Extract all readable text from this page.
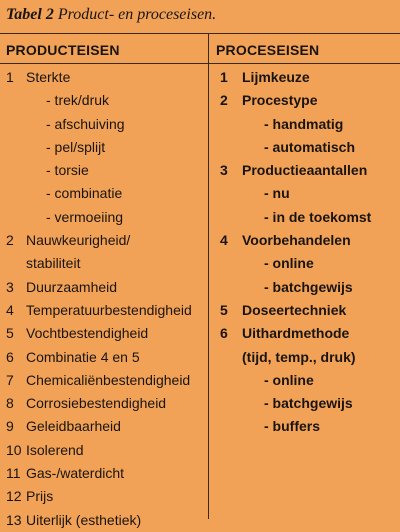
Tabel 2 Product- en proceseisen.
PRODUCTEISEN	PROCESEISEN
1 Sterkte
- trek/druk
- afschuiving
- pel/splijt
- torsie
- combinatie
- vermoeiing
2 Nauwkeurigheid/
stabiliteit
3 Duurzaamheid
4 Temperatuurbestendigheid
5 Vochtbestendigheid
6 Combinatie 4 en 5
7 Chemicaliënbestendigheid
8 Corrosiebestendigheid
9 Geleidbaarheid
10 Isolerend
11 Gas-/waterdicht
12 Prijs
13 Uiterlijk (esthetiek)
1 Lijmkeuze
2 Procestype
- handmatig
- automatisch
3 Productieaantallen
- nu
- in de toekomst
4 Voorbehandelen
- online
- batchgewijs
5 Doseertechniek
6 Uithardmethode
(tijd, temp., druk)
- online
- batchgewijs
- buffers
